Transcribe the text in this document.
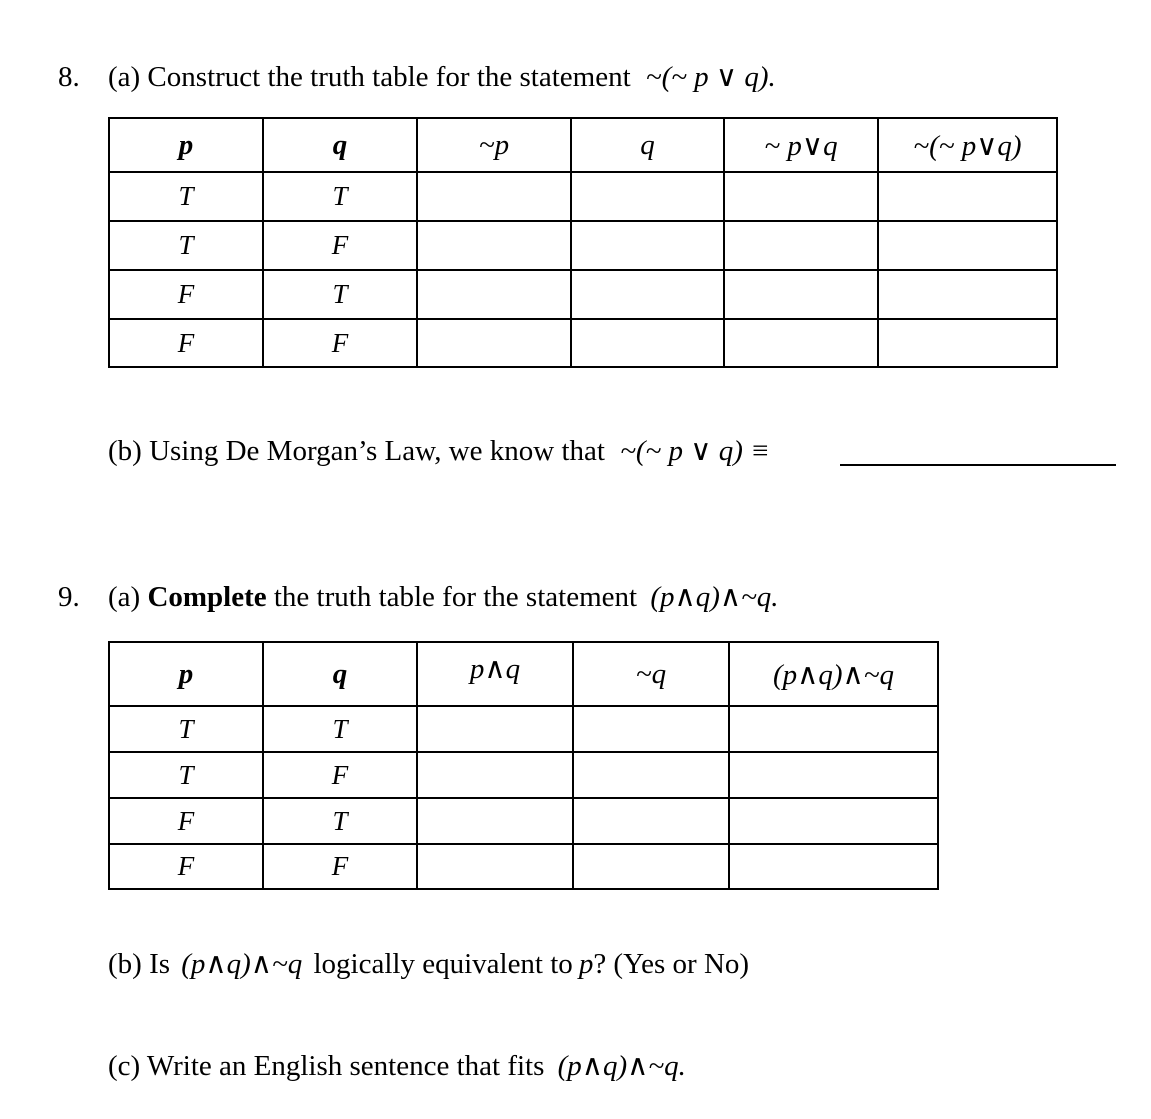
8. (a) Construct the truth table for the statement ~(~ p ∨ q).
p	q	~p	q	~ p∨q	~(~ p∨q)
T	T				
T	F				
F	T				
F	F				
(b) Using De Morgan’s Law, we know that ~(~ p ∨ q) ≡
9. (a) Complete the truth table for the statement (p∧q)∧~q.
p	q	p∧q	~q	(p∧q)∧~q
T	T			
T	F			
F	T			
F	F			
(b) Is (p∧q)∧~q logically equivalent to p? (Yes or No)
(c) Write an English sentence that fits (p∧q)∧~q.
